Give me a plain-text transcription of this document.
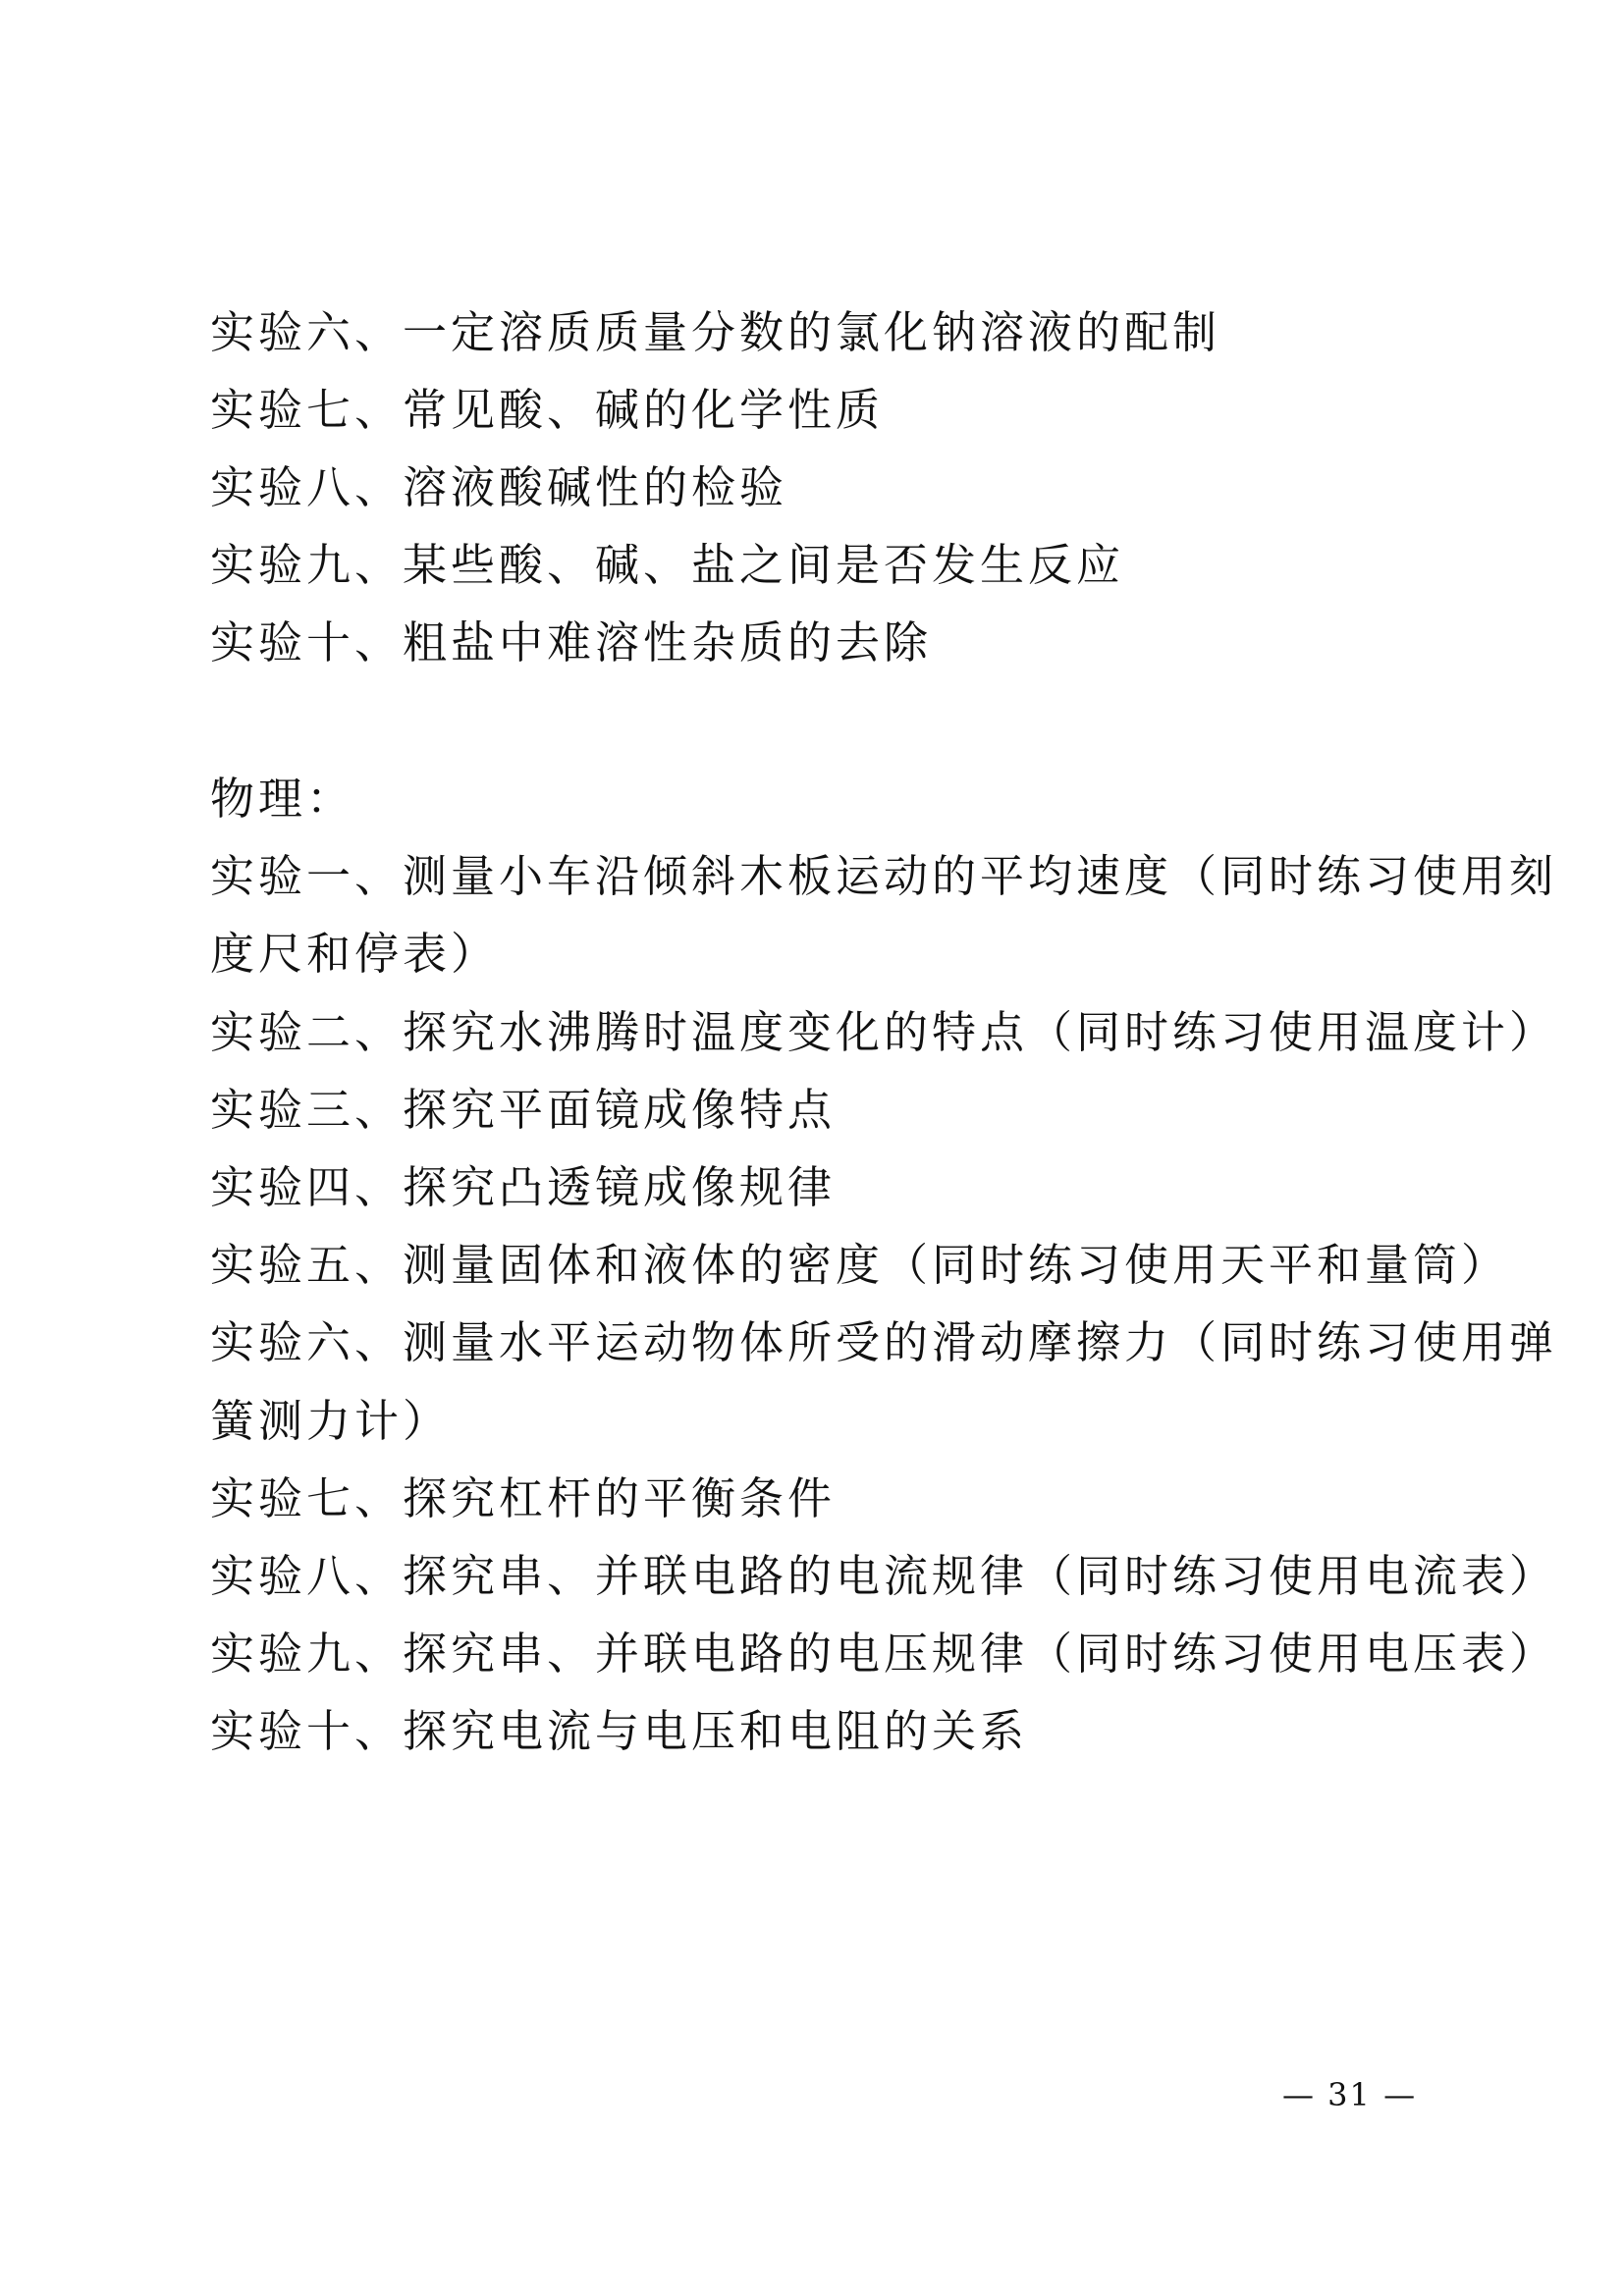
实验六、一定溶质质量分数的氯化钠溶液的配制
实验七、常见酸、碱的化学性质
实验八、溶液酸碱性的检验
实验九、某些酸、碱、盐之间是否发生反应
实验十、粗盐中难溶性杂质的去除
物理：
实验一、测量小车沿倾斜木板运动的平均速度（同时练习使用刻
度尺和停表）
实验二、探究水沸腾时温度变化的特点（同时练习使用温度计）
实验三、探究平面镜成像特点
实验四、探究凸透镜成像规律
实验五、测量固体和液体的密度（同时练习使用天平和量筒）
实验六、测量水平运动物体所受的滑动摩擦力（同时练习使用弹
簧测力计）
实验七、探究杠杆的平衡条件
实验八、探究串、并联电路的电流规律（同时练习使用电流表）
实验九、探究串、并联电路的电压规律（同时练习使用电压表）
实验十、探究电流与电压和电阻的关系
— 31 —
